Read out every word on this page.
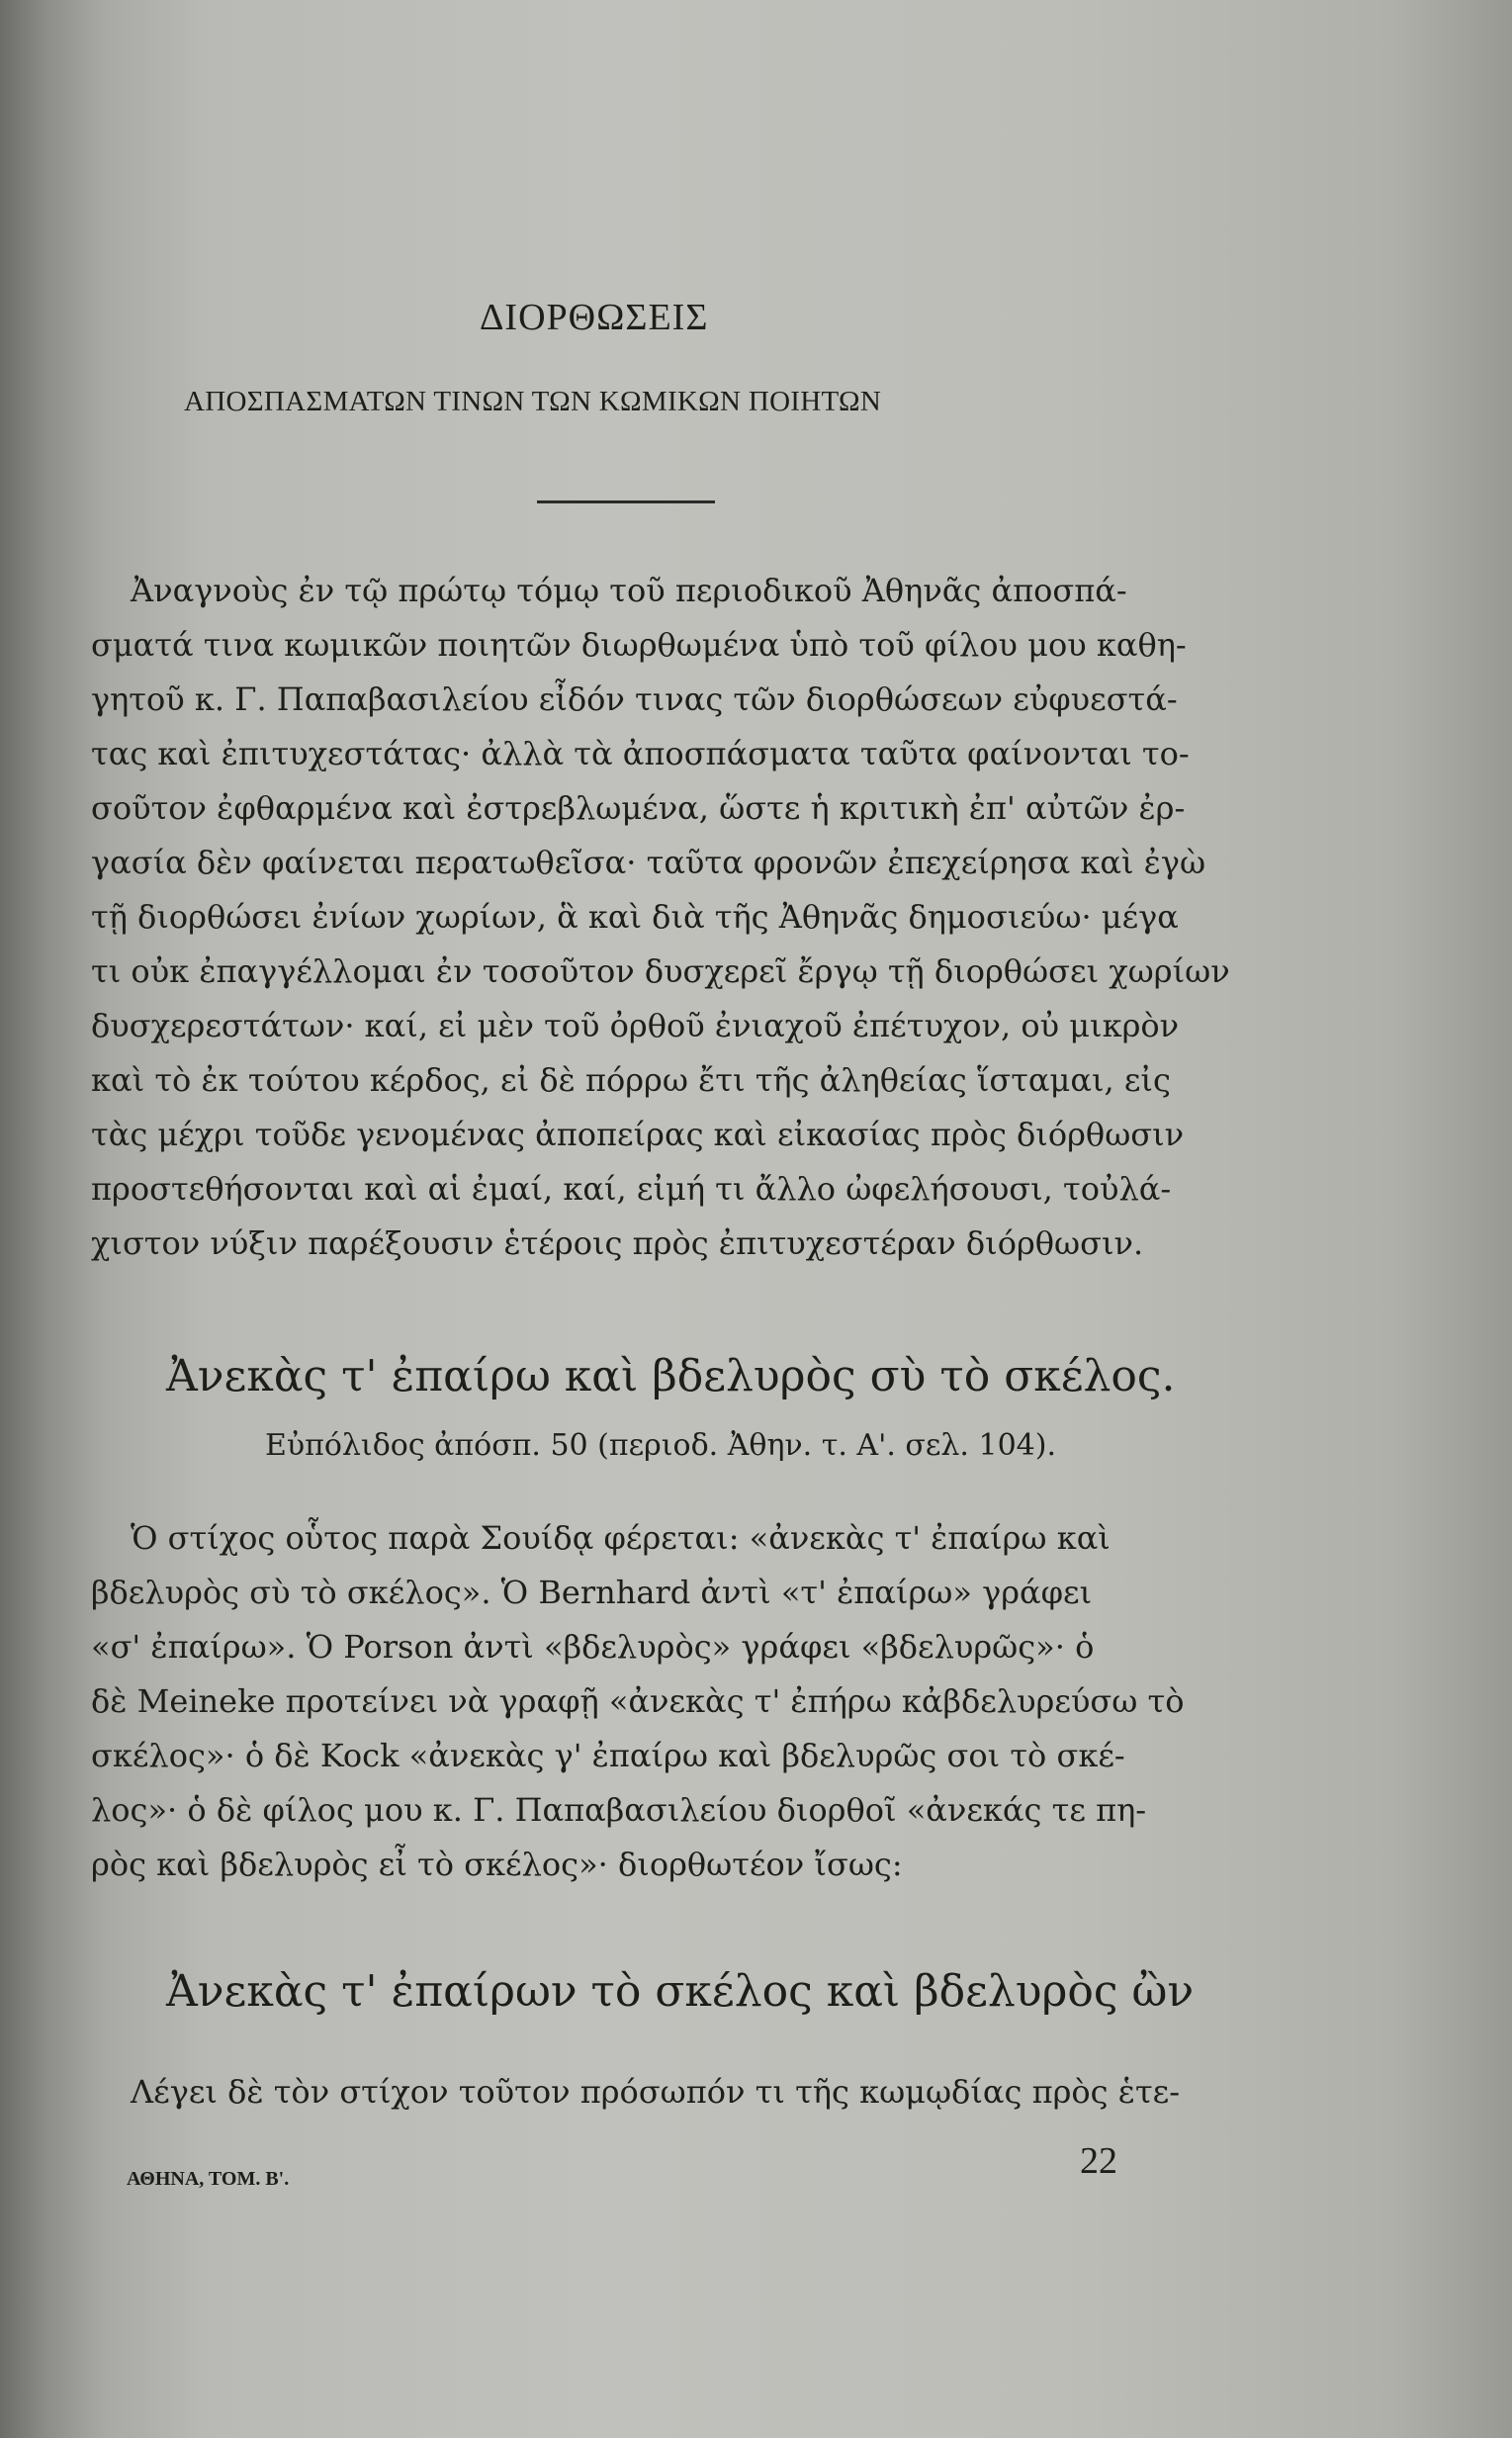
ΔΙΟΡΘΩΣΕΙΣ
ΑΠΟΣΠΑΣΜΑΤΩΝ ΤΙΝΩΝ ΤΩΝ ΚΩΜΙΚΩΝ ΠΟΙΗΤΩΝ
Ἀναγνοὺς ἐν τῷ πρώτῳ τόμῳ τοῦ περιοδικοῦ Ἀθηνᾶς ἀποσπά-
σματά τινα κωμικῶν ποιητῶν διωρθωμένα ὑπὸ τοῦ φίλου μου καθη-
γητοῦ κ. Γ. Παπαβασιλείου εἶδόν τινας τῶν διορθώσεων εὐφυεστά-
τας καὶ ἐπιτυχεστάτας· ἀλλὰ τὰ ἀποσπάσματα ταῦτα φαίνονται το-
σοῦτον ἐφθαρμένα καὶ ἐστρεβλωμένα, ὥστε ἡ κριτικὴ ἐπ' αὐτῶν ἐρ-
γασία δὲν φαίνεται περατωθεῖσα· ταῦτα φρονῶν ἐπεχείρησα καὶ ἐγὼ
τῇ διορθώσει ἐνίων χωρίων, ἃ καὶ διὰ τῆς Ἀθηνᾶς δημοσιεύω· μέγα
τι οὐκ ἐπαγγέλλομαι ἐν τοσοῦτον δυσχερεῖ ἔργῳ τῇ διορθώσει χωρίων
δυσχερεστάτων· καί, εἰ μὲν τοῦ ὀρθοῦ ἐνιαχοῦ ἐπέτυχον, οὐ μικρὸν
καὶ τὸ ἐκ τούτου κέρδος, εἰ δὲ πόρρω ἔτι τῆς ἀληθείας ἵσταμαι, εἰς
τὰς μέχρι τοῦδε γενομένας ἀποπείρας καὶ εἰκασίας πρὸς διόρθωσιν
προστεθήσονται καὶ αἱ ἐμαί, καί, εἰμή τι ἄλλο ὠφελήσουσι, τοὐλά-
χιστον νύξιν παρέξουσιν ἑτέροις πρὸς ἐπιτυχεστέραν διόρθωσιν.
Ἀνεκὰς τ' ἐπαίρω καὶ βδελυρὸς σὺ τὸ σκέλος.
Εὐπόλιδος ἀπόσπ. 50 (περιοδ. Ἀθην. τ. Α'. σελ. 104).
Ὁ στίχος οὗτος παρὰ Σουίδᾳ φέρεται: «ἀνεκὰς τ' ἐπαίρω καὶ
βδελυρὸς σὺ τὸ σκέλος». Ὁ Bernhard ἀντὶ «τ' ἐπαίρω» γράφει
«σ' ἐπαίρω». Ὁ Porson ἀντὶ «βδελυρὸς» γράφει «βδελυρῶς»· ὁ
δὲ Meineke προτείνει νὰ γραφῇ «ἀνεκὰς τ' ἐπήρω κἀβδελυρεύσω τὸ
σκέλος»· ὁ δὲ Kock «ἀνεκὰς γ' ἐπαίρω καὶ βδελυρῶς σοι τὸ σκέ-
λος»· ὁ δὲ φίλος μου κ. Γ. Παπαβασιλείου διορθοῖ «ἀνεκάς τε πη-
ρὸς καὶ βδελυρὸς εἶ τὸ σκέλος»· διορθωτέον ἴσως:
Ἀνεκὰς τ' ἐπαίρων τὸ σκέλος καὶ βδελυρὸς ὢν
Λέγει δὲ τὸν στίχον τοῦτον πρόσωπόν τι τῆς κωμῳδίας πρὸς ἑτε-
ΑΘΗΝΑ, ΤΟΜ. Β'.	22
